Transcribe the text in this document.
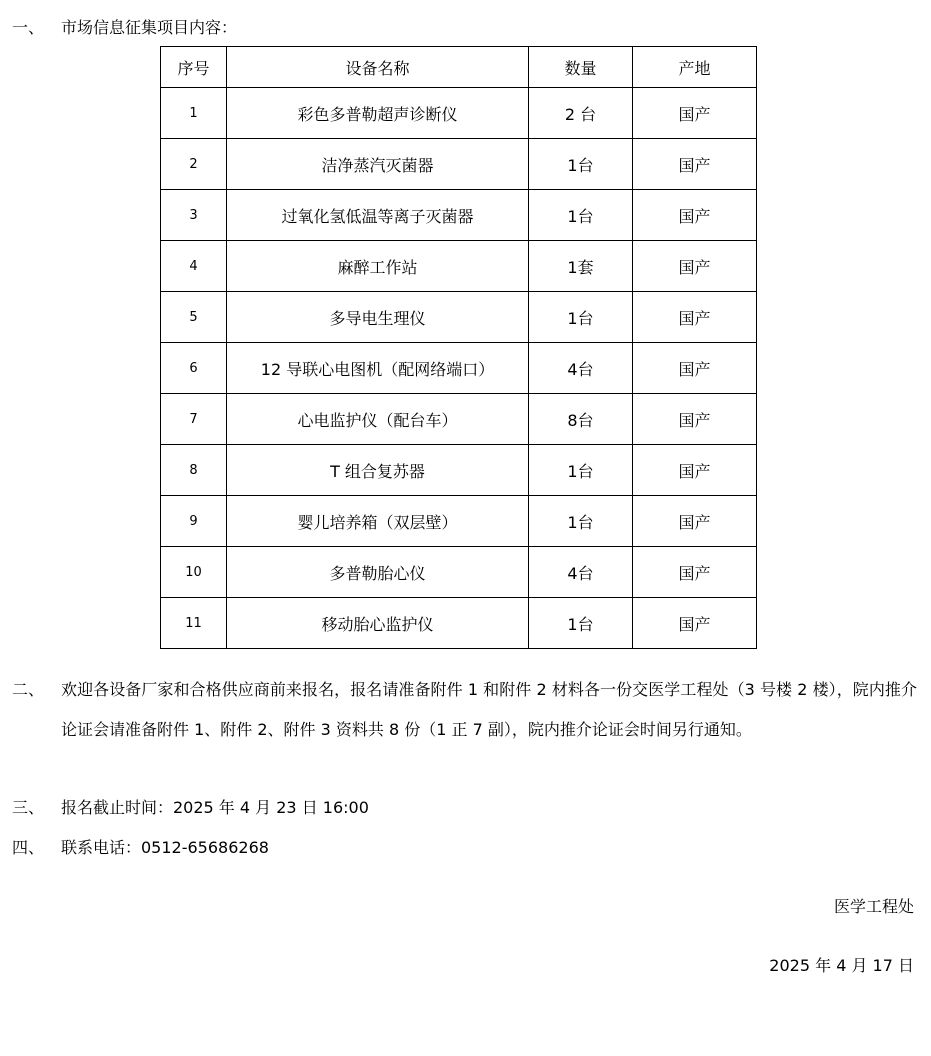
一、 市场信息征集项目内容：
序号	设备名称	数量	产地
1	彩色多普勒超声诊断仪	2 台	国产
2	洁净蒸汽灭菌器	1台	国产
3	过氧化氢低温等离子灭菌器	1台	国产
4	麻醉工作站	1套	国产
5	多导电生理仪	1台	国产
6	12 导联心电图机（配网络端口）	4台	国产
7	心电监护仪（配台车）	8台	国产
8	T 组合复苏器	1台	国产
9	婴儿培养箱（双层壁）	1台	国产
10	多普勒胎心仪	4台	国产
11	移动胎心监护仪	1台	国产
二、 欢迎各设备厂家和合格供应商前来报名，报名请准备附件 1 和附件 2 材料各一份交医学工程处（3 号楼 2 楼），院内推介论证会请准备附件 1、附件 2、附件 3 资料共 8 份（1 正 7 副），院内推介论证会时间另行通知。
三、 报名截止时间：2025 年 4 月 23 日 16:00
四、 联系电话：0512-65686268
医学工程处
2025 年 4 月 17 日
